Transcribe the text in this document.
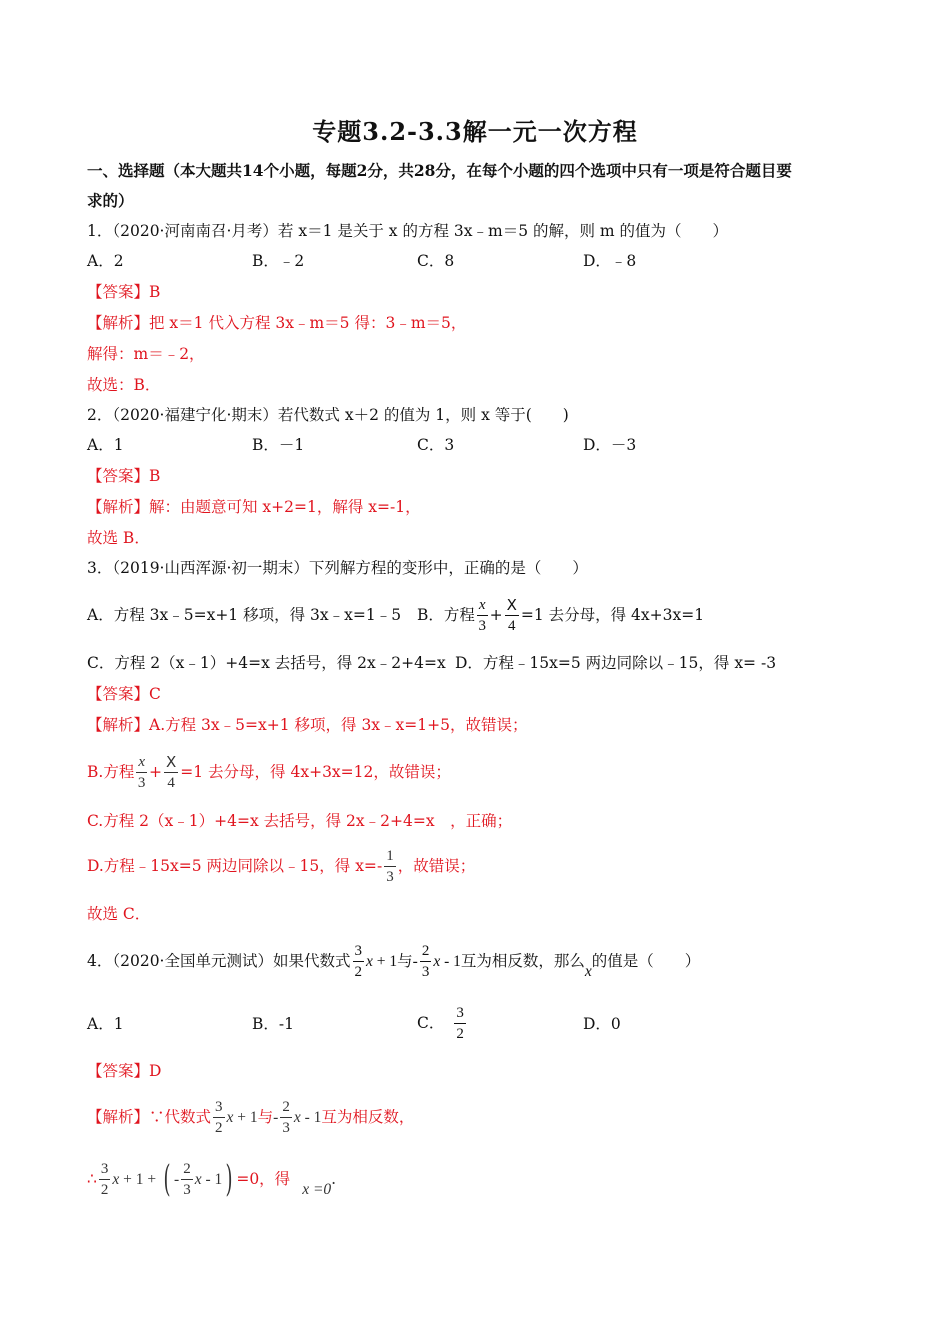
专题3.2-3.3解一元一次方程
一、选择题（本大题共14个小题，每题2分，共28分，在每个小题的四个选项中只有一项是符合题目要
求的）
1．（2020·河南南召·月考）若 x＝1 是关于 x 的方程 3x﹣m＝5 的解，则 m 的值为（　　）
A．2	B．﹣2	C．8	D．﹣8
【答案】B
【解析】把 x＝1 代入方程 3x﹣m＝5 得：3﹣m＝5，
解得：m＝﹣2，
故选：B．
2．（2020·福建宁化·期末）若代数式 x＋2 的值为 1，则 x 等于(　　)
A．1	B．－1	C．3	D．－3
【答案】B
【解析】解：由题意可知 x+2=1，解得 x=-1，
故选 B．
3．（2019·山西浑源·初一期末）下列解方程的变形中，正确的是（　　）
A．方程 3x﹣5=x+1 移项，得 3x﹣x=1﹣5 B．方程 $\frac{x}{3} + \frac{X}{4} =1$ 去分母，得 4x+3x=1
C．方程 2（x﹣1）+4=x 去括号，得 2x﹣2+4=x D．方程﹣15x=5 两边同除以﹣15，得 x= -3
【答案】C
【解析】A.方程 3x﹣5=x+1 移项，得 3x﹣x=1+5，故错误；
B.方程 $\frac{x}{3} + \frac{X}{4} =1$ 去分母，得 4x+3x=12，故错误；
C.方程 2（x﹣1）+4=x 去括号，得 2x﹣2+4=x　，正确；
D.方程﹣15x=5 两边同除以﹣15，得 $x=- \frac{1}{3}$ ，故错误；
故选 C．
4．（2020·全国单元测试）如果代数式 $\frac{3}{2}$ x + 1与- $\frac{2}{3}$ x - 1互为相反数，那么x的值是（　　）
A．1	B．-1	C． $\frac{3}{2}$	D．0
【答案】D
【解析】∵代数式 $\frac{3}{2}$ x + 1与- $\frac{2}{3}$ x - 1互为相反数，
∴ $\frac{3}{2}$ x + 1 + ( - $\frac{2}{3}$ x - 1) =0，得x =0.
